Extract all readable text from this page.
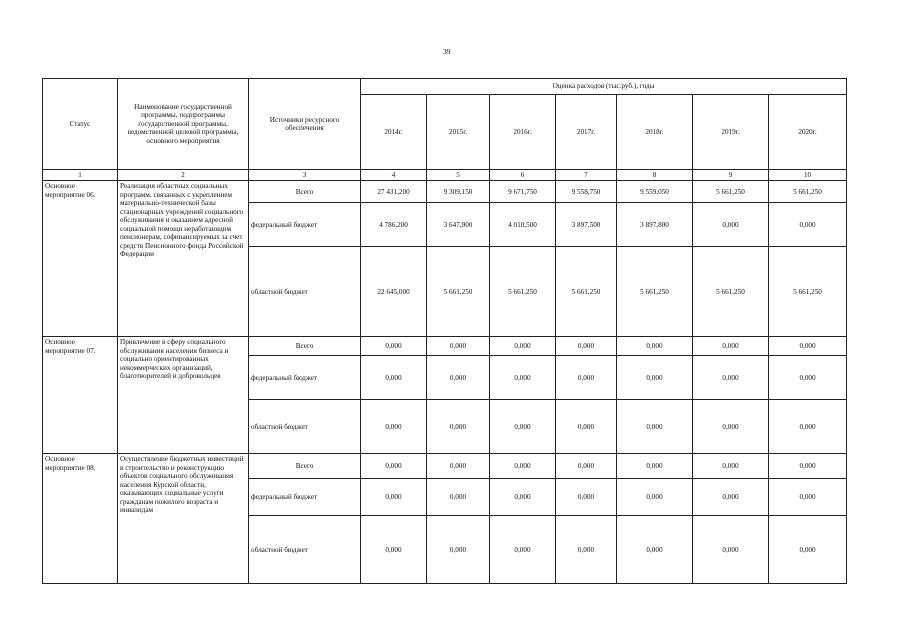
39
Статус	Наименование государственной программы, подпрограммы государственной программы, ведомственной целевой программы, основного мероприятия	Источники ресурсного обеспечения	Оценка расходов (тыс.руб.), годы						
			2014г.	2015г.	2016г.	2017г.	2018г.	2019г.	2020г.
1	2	3	4	5	6	7	8	9	10
Основное мероприятие 06.	Реализация областных социальных программ, связанных с укреплением материально-технической базы стационарных учреждений социального обслуживания и оказанием адресной социальной помощи неработающим пенсионерам, софинансируемых за счет средств Пенсионного фонда Российской Федерации	Всего	27 431,200	9 309,150	9 671,750	9 558,750	9 559,050	5 661,250	5 661,250
		федеральный бюджет	4 786,200	3 647,900	4 010,500	3 897,500	3 897,800	0,000	0,000
		областной бюджет	22 645,000	5 661,250	5 661,250	5 661,250	5 661,250	5 661,250	5 661,250
Основное мероприятие 07.	Привлечение в сферу социального обслуживания населения бизнеса и социально ориентированных некоммерческих организаций, благотворителей и добровольцев	Всего	0,000	0,000	0,000	0,000	0,000	0,000	0,000
		федеральный бюджет	0,000	0,000	0,000	0,000	0,000	0,000	0,000
		областной бюджет	0,000	0,000	0,000	0,000	0,000	0,000	0,000
Основное мероприятие 08.	Осуществление бюджетных инвестиций в строительство и реконструкцию объектов социального обслуживания населения Курской области, оказывающих социальные услуги гражданам пожилого возраста и инвалидам	Всего	0,000	0,000	0,000	0,000	0,000	0,000	0,000
		федеральный бюджет	0,000	0,000	0,000	0,000	0,000	0,000	0,000
		областной бюджет	0,000	0,000	0,000	0,000	0,000	0,000	0,000
